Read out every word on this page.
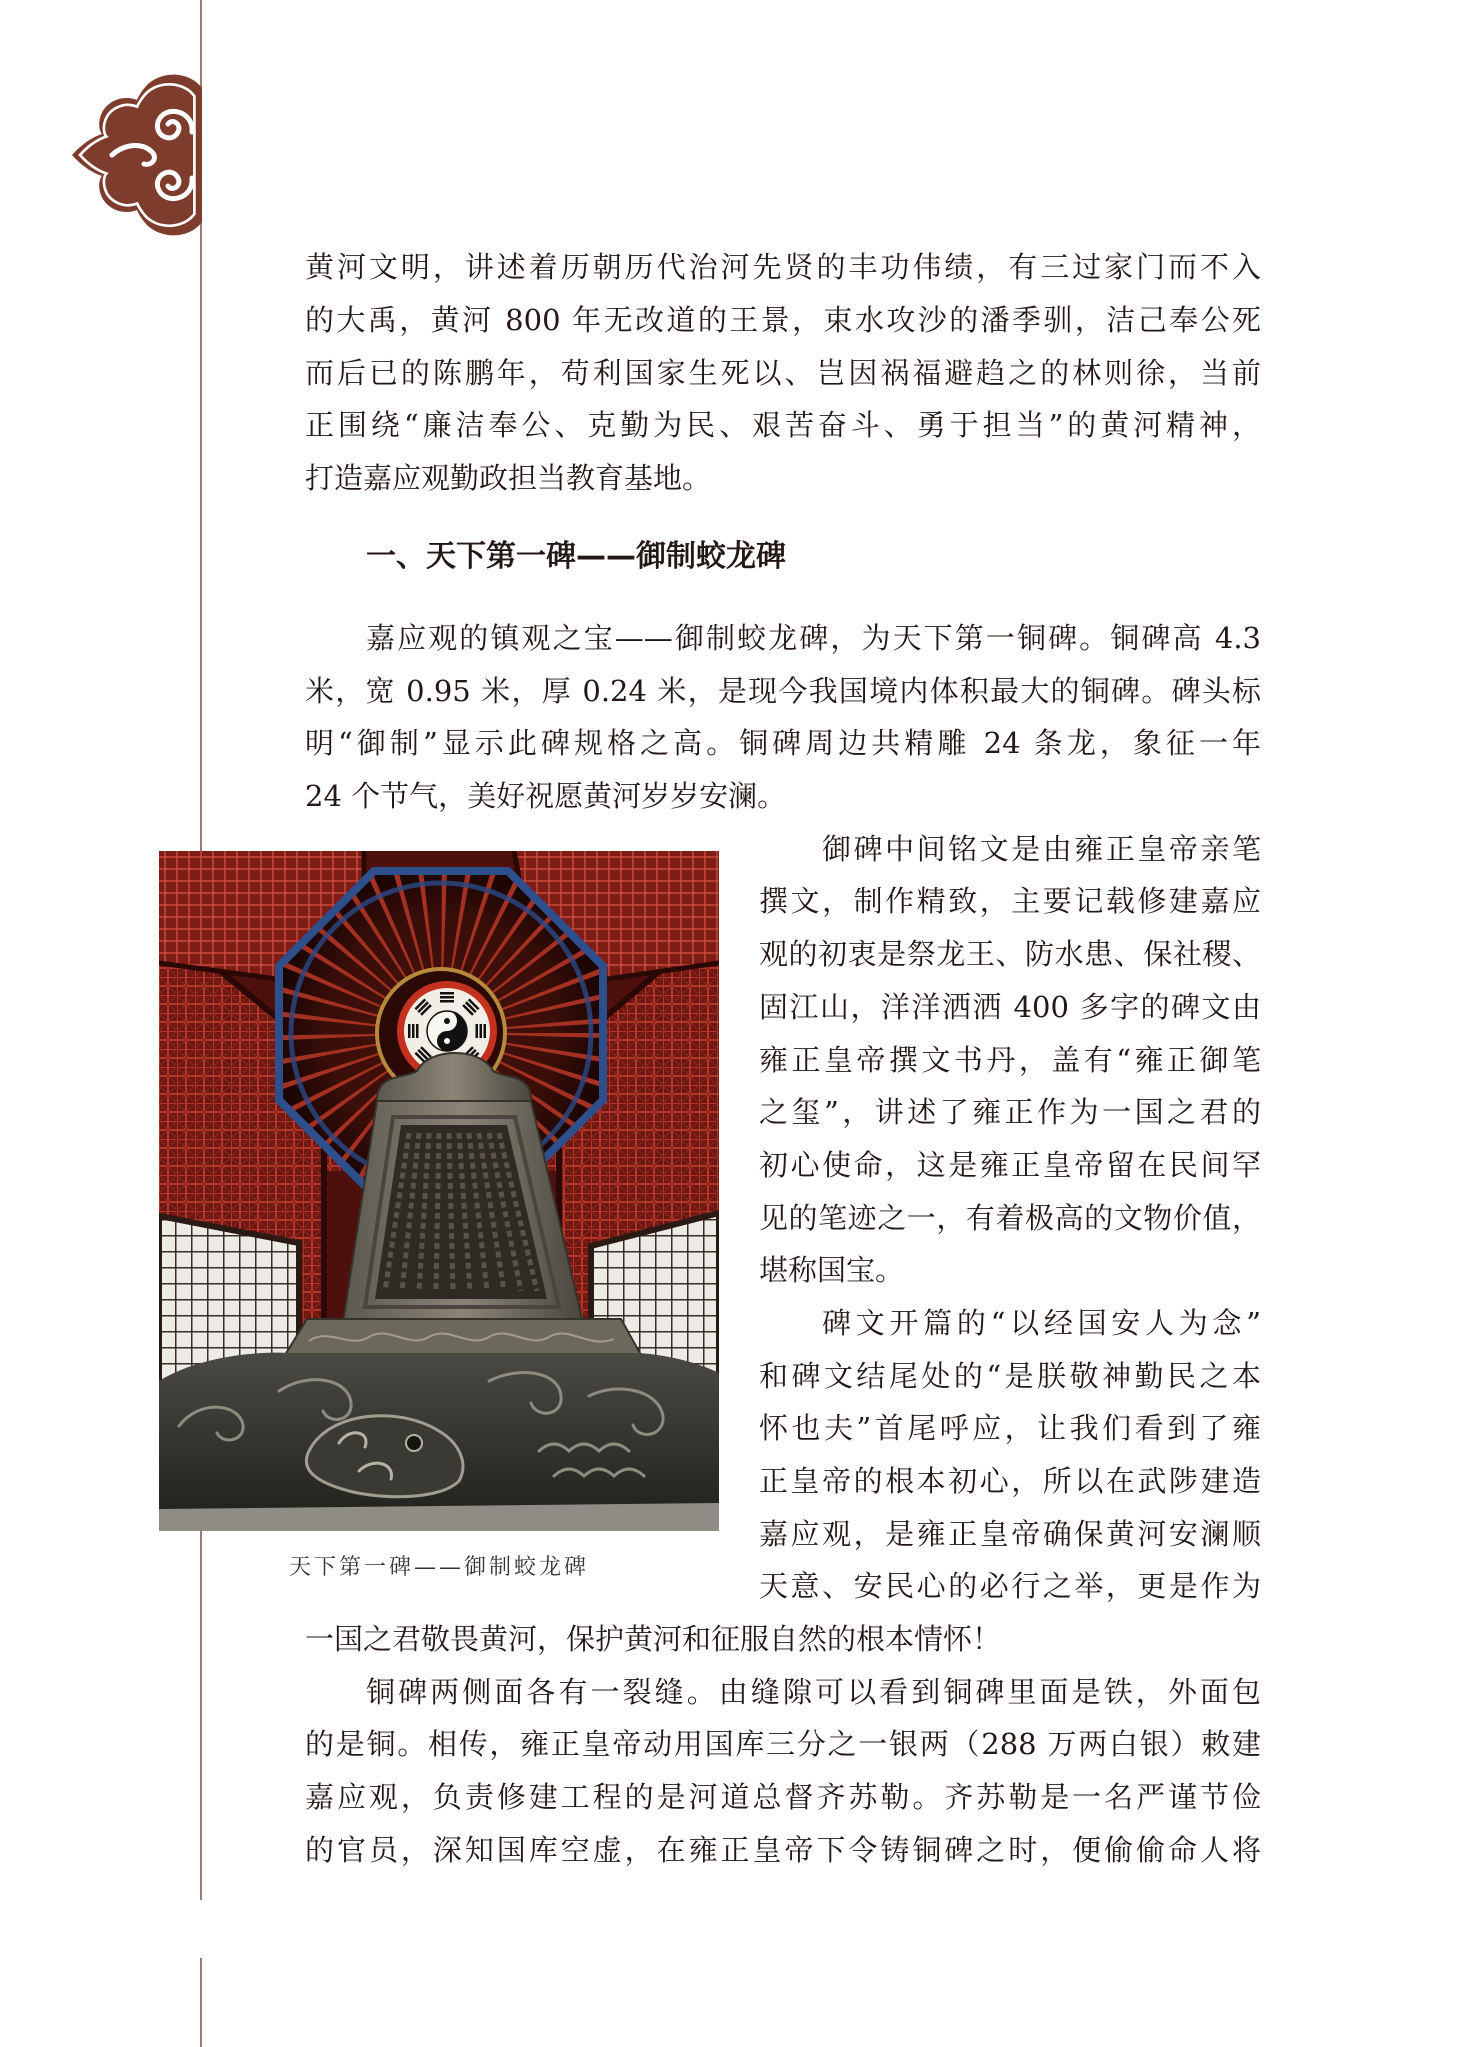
黄河文明，讲述着历朝历代治河先贤的丰功伟绩，有三过家门而不入
的大禹，黄河 800 年无改道的王景，束水攻沙的潘季驯，洁己奉公死
而后已的陈鹏年，苟利国家生死以、岂因祸福避趋之的林则徐，当前
正围绕“廉洁奉公、克勤为民、艰苦奋斗、勇于担当”的黄河精神，
打造嘉应观勤政担当教育基地。
一、天下第一碑——御制蛟龙碑
天下第一碑——御制蛟龙碑
嘉应观的镇观之宝——御制蛟龙碑，为天下第一铜碑。铜碑高 4.3
米，宽 0.95 米，厚 0.24 米，是现今我国境内体积最大的铜碑。碑头标
明“御制”显示此碑规格之高。铜碑周边共精雕 24 条龙，象征一年
24 个节气，美好祝愿黄河岁岁安澜。
御碑中间铭文是由雍正皇帝亲笔
撰文，制作精致，主要记载修建嘉应
观的初衷是祭龙王、防水患、保社稷、
固江山，洋洋洒洒 400 多字的碑文由
雍正皇帝撰文书丹，盖有“雍正御笔
之玺”，讲述了雍正作为一国之君的
初心使命，这是雍正皇帝留在民间罕
见的笔迹之一，有着极高的文物价值，
堪称国宝。
碑文开篇的“以经国安人为念”
和碑文结尾处的“是朕敬神勤民之本
怀也夫”首尾呼应，让我们看到了雍
正皇帝的根本初心，所以在武陟建造
嘉应观，是雍正皇帝确保黄河安澜顺
天意、安民心的必行之举，更是作为
一国之君敬畏黄河，保护黄河和征服自然的根本情怀！
铜碑两侧面各有一裂缝。由缝隙可以看到铜碑里面是铁，外面包
的是铜。相传，雍正皇帝动用国库三分之一银两（288 万两白银）敕建
嘉应观，负责修建工程的是河道总督齐苏勒。齐苏勒是一名严谨节俭
的官员，深知国库空虚，在雍正皇帝下令铸铜碑之时，便偷偷命人将
